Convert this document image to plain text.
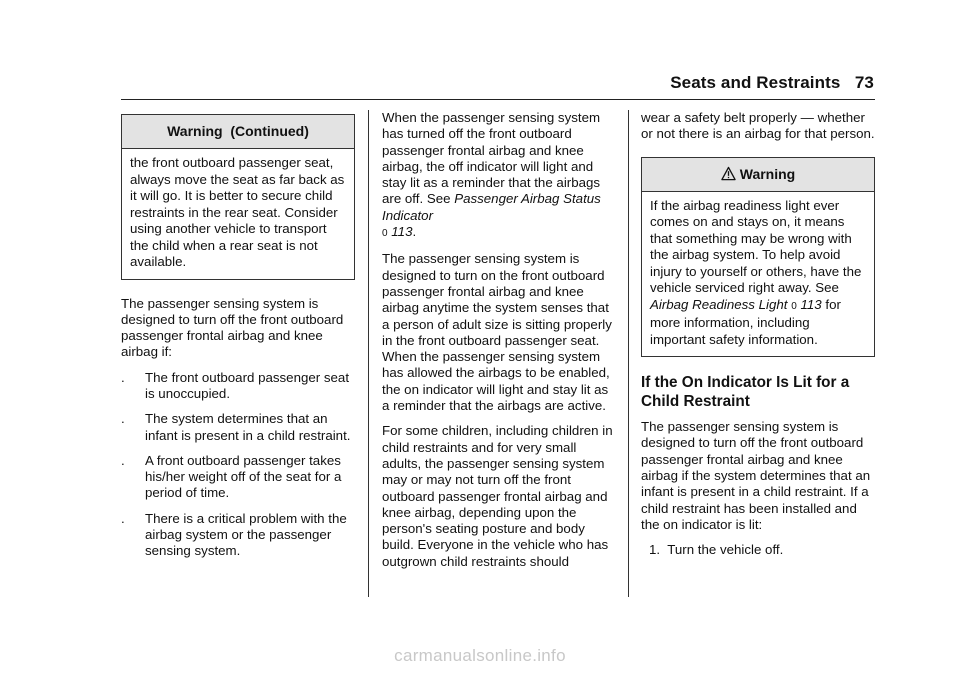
Seats and Restraints   73
Warning  (Continued)
the front outboard passenger seat, always move the seat as far back as it will go. It is better to secure child restraints in the rear seat. Consider using another vehicle to transport the child when a rear seat is not available.

The passenger sensing system is designed to turn off the front outboard passenger frontal airbag and knee airbag if:

. The front outboard passenger seat is unoccupied.
. The system determines that an infant is present in a child restraint.
. A front outboard passenger takes his/her weight off of the seat for a period of time.
. There is a critical problem with the airbag system or the passenger sensing system.

When the passenger sensing system has turned off the front outboard passenger frontal airbag and knee airbag, the off indicator will light and stay lit as a reminder that the airbags are off. See Passenger Airbag Status Indicator
0 113.

The passenger sensing system is designed to turn on the front outboard passenger frontal airbag and knee airbag anytime the system senses that a person of adult size is sitting properly in the front outboard passenger seat. When the passenger sensing system has allowed the airbags to be enabled, the on indicator will light and stay lit as a reminder that the airbags are active.

For some children, including children in child restraints and for very small adults, the passenger sensing system may or may not turn off the front outboard passenger frontal airbag and knee airbag, depending upon the person's seating posture and body build. Everyone in the vehicle who has outgrown child restraints should

wear a safety belt properly — whether or not there is an airbag for that person.

Warning
If the airbag readiness light ever comes on and stays on, it means that something may be wrong with the airbag system. To help avoid injury to yourself or others, have the vehicle serviced right away. See Airbag Readiness Light 0 113 for more information, including important safety information.
If the On Indicator Is Lit for a Child Restraint

The passenger sensing system is designed to turn off the front outboard passenger frontal airbag and knee airbag if the system determines that an infant is present in a child restraint. If a child restraint has been installed and the on indicator is lit:

1.  Turn the vehicle off.
carmanualsonline.info
